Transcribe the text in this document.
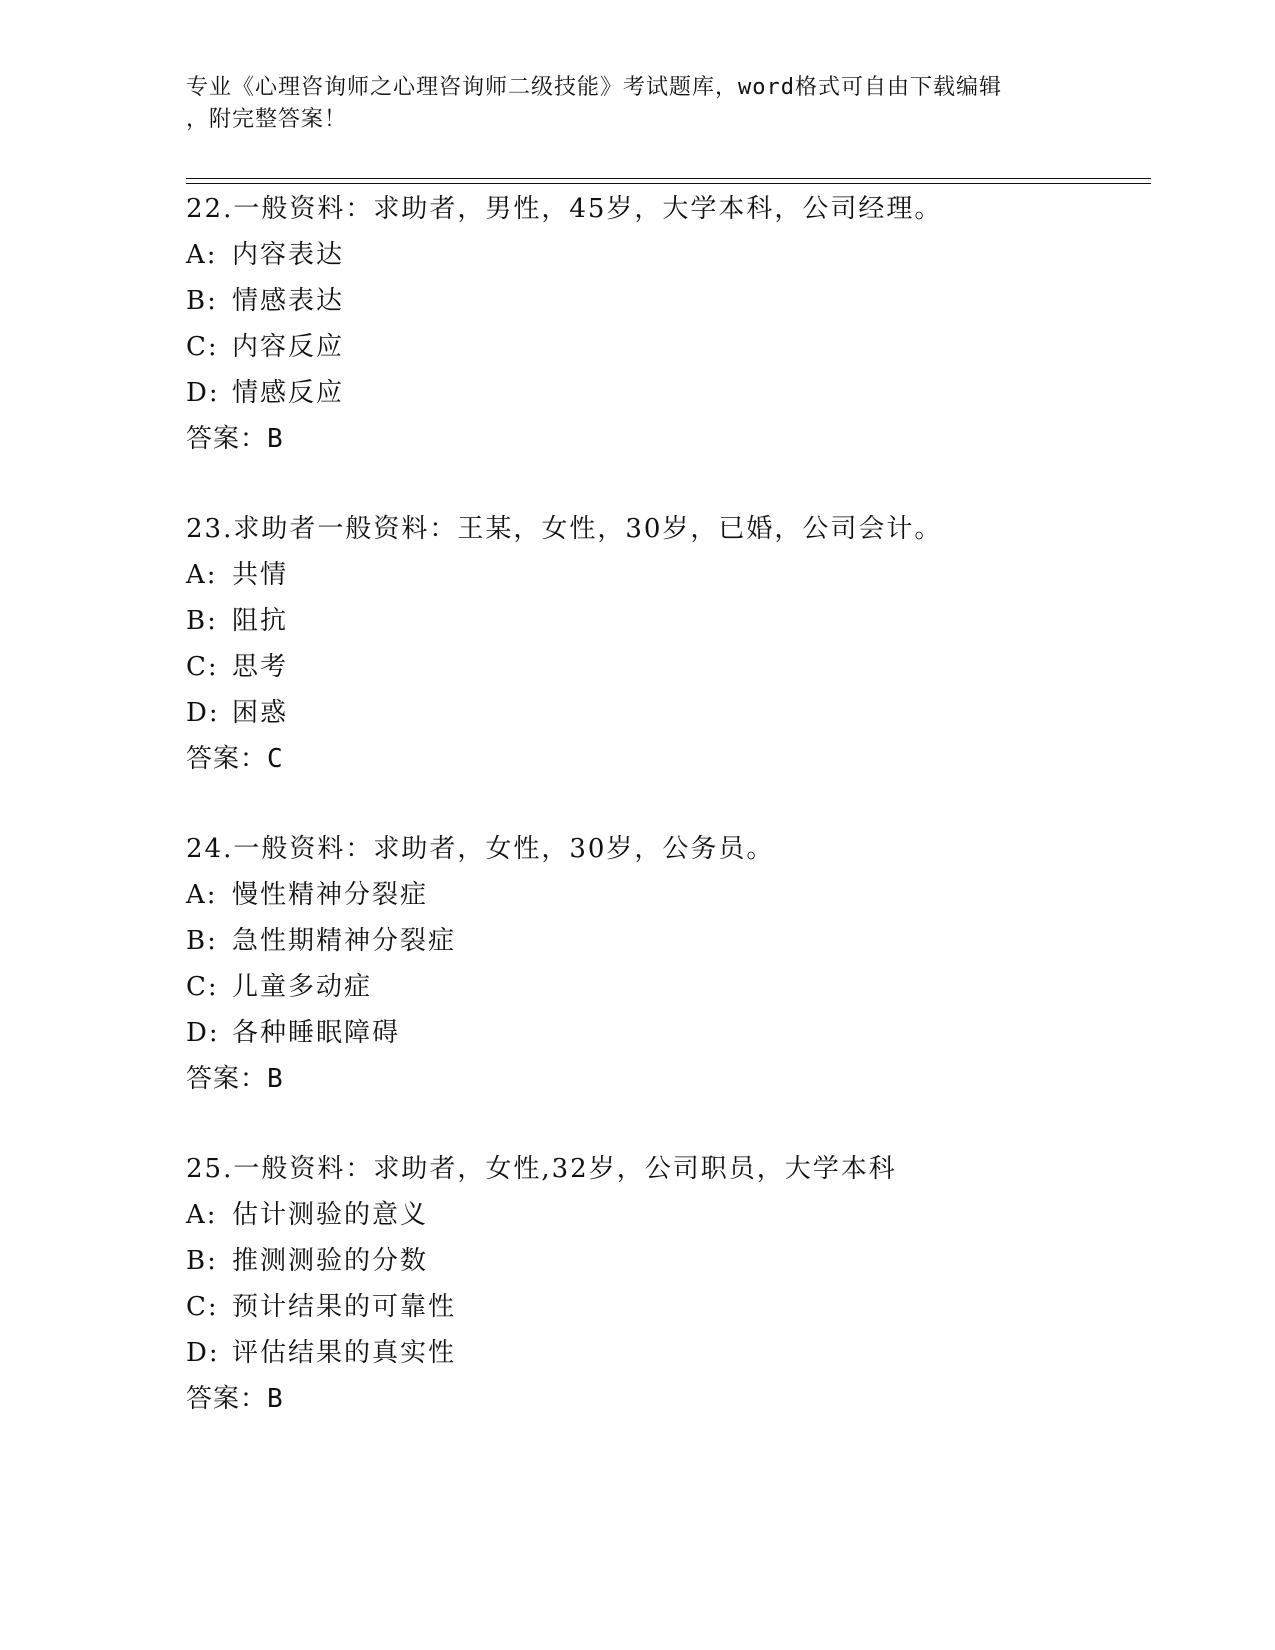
专业《心理咨询师之心理咨询师二级技能》考试题库，word格式可自由下载编辑

，附完整答案！

22.一般资料：求助者，男性，45岁，大学本科，公司经理。
A: 内容表达
B: 情感表达
C: 内容反应
D: 情感反应
答案：B
23.求助者一般资料：王某，女性，30岁，已婚，公司会计。
A: 共情
B: 阻抗
C: 思考
D: 困惑
答案：C
24.一般资料：求助者，女性，30岁，公务员。
A: 慢性精神分裂症
B: 急性期精神分裂症
C: 儿童多动症
D: 各种睡眠障碍
答案：B
25.一般资料：求助者，女性,32岁，公司职员，大学本科
A: 估计测验的意义
B: 推测测验的分数
C: 预计结果的可靠性
D: 评估结果的真实性
答案：B
